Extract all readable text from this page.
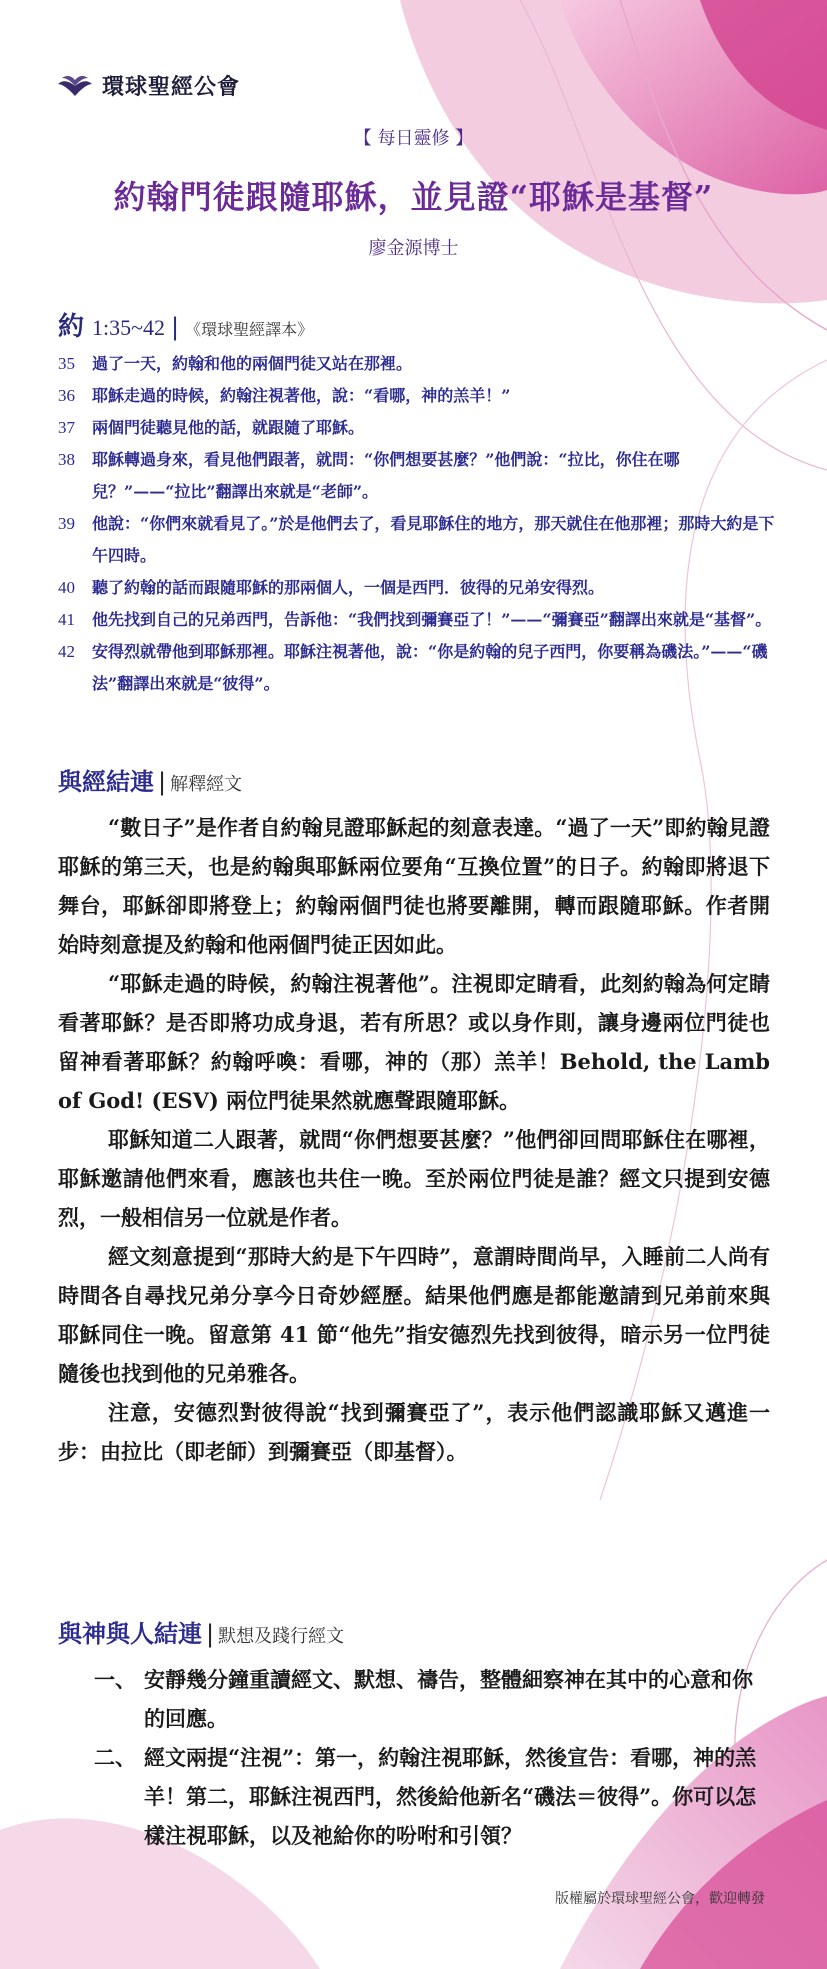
環球聖經公會
【 每日靈修 】
約翰門徒跟隨耶穌，並見證“耶穌是基督”
廖金源博士
約 1:35~42 | 《環球聖經譯本》
35	過了一天，約翰和他的兩個門徒又站在那裡。
36	耶穌走過的時候，約翰注視著他，說：“看哪，神的羔羊！”
37	兩個門徒聽見他的話，就跟隨了耶穌。
38	耶穌轉過身來，看見他們跟著，就問：“你們想要甚麼？”他們說：“拉比，你住在哪兒？”——“拉比”翻譯出來就是“老師”。
39	他說：“你們來就看見了。”於是他們去了，看見耶穌住的地方，那天就住在他那裡；那時大約是下午四時。
40	聽了約翰的話而跟隨耶穌的那兩個人，一個是西門．彼得的兄弟安得烈。
41	他先找到自己的兄弟西門，告訴他：“我們找到彌賽亞了！”——“彌賽亞”翻譯出來就是“基督”。
42	安得烈就帶他到耶穌那裡。耶穌注視著他，說：“你是約翰的兒子西門，你要稱為磯法。”——“磯法”翻譯出來就是“彼得”。
與經結連 | 解釋經文

“數日子”是作者自約翰見證耶穌起的刻意表達。“過了一天”即約翰見證耶穌的第三天，也是約翰與耶穌兩位要角“互換位置”的日子。約翰即將退下舞台，耶穌卻即將登上；約翰兩個門徒也將要離開，轉而跟隨耶穌。作者開始時刻意提及約翰和他兩個門徒正因如此。

“耶穌走過的時候，約翰注視著他”。注視即定睛看，此刻約翰為何定睛看著耶穌？是否即將功成身退，若有所思？或以身作則，讓身邊兩位門徒也留神看著耶穌？約翰呼喚：看哪，神的（那）羔羊！Behold, the Lamb of God! (ESV) 兩位門徒果然就應聲跟隨耶穌。

耶穌知道二人跟著，就問“你們想要甚麼？”他們卻回問耶穌住在哪裡，耶穌邀請他們來看，應該也共住一晚。至於兩位門徒是誰？經文只提到安德烈，一般相信另一位就是作者。

經文刻意提到“那時大約是下午四時”，意謂時間尚早，入睡前二人尚有時間各自尋找兄弟分享今日奇妙經歷。結果他們應是都能邀請到兄弟前來與耶穌同住一晚。留意第 41 節“他先”指安德烈先找到彼得，暗示另一位門徒隨後也找到他的兄弟雅各。

注意，安德烈對彼得說“找到彌賽亞了”，表示他們認識耶穌又邁進一步：由拉比（即老師）到彌賽亞（即基督）。

與神與人結連 | 默想及踐行經文
一、 安靜幾分鐘重讀經文、默想、禱告，整體細察神在其中的心意和你的回應。
二、 經文兩提“注視”：第一，約翰注視耶穌，然後宣告：看哪，神的羔羊！第二，耶穌注視西門，然後給他新名“磯法＝彼得”。你可以怎樣注視耶穌，以及祂給你的吩咐和引領？
版權屬於環球聖經公會，歡迎轉發
